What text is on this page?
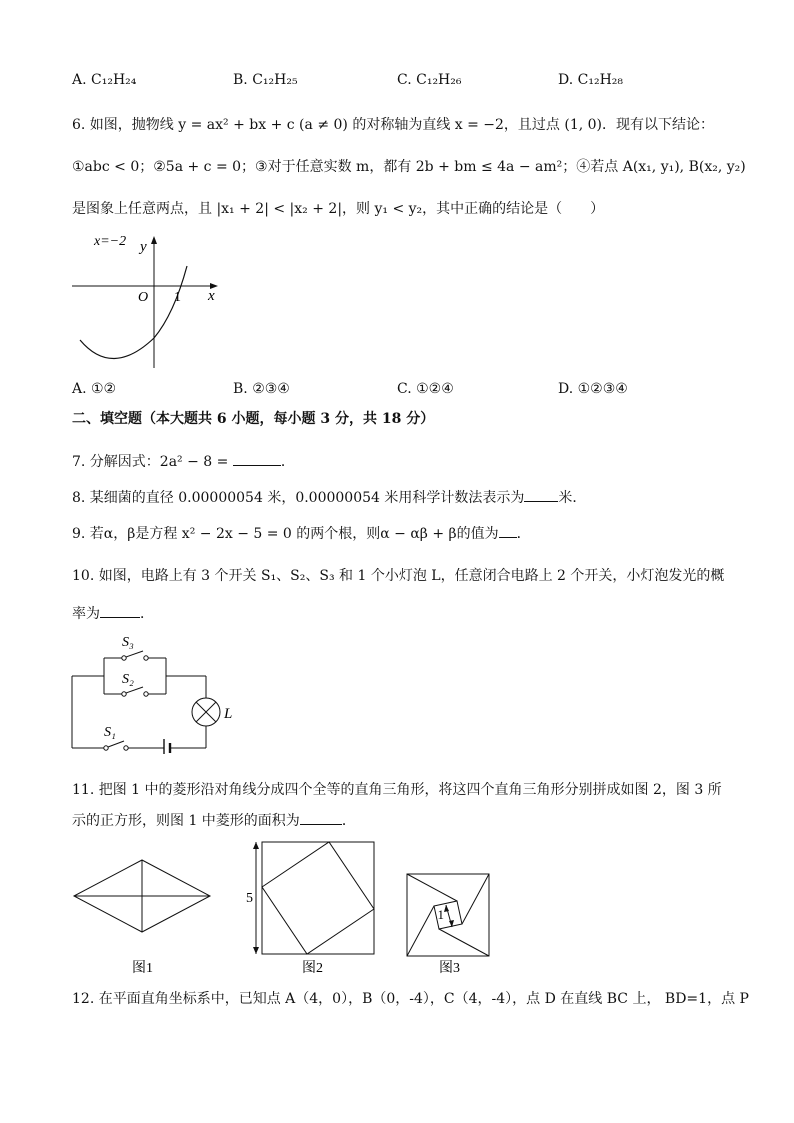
A. C₁₂H₂₄	B. C₁₂H₂₅	C. C₁₂H₂₆	D. C₁₂H₂₈
6. 如图，抛物线 y = ax² + bx + c (a ≠ 0) 的对称轴为直线 x = −2，且过点 (1, 0)．现有以下结论：
①abc < 0；②5a + c = 0；③对于任意实数 m，都有 2b + bm ≤ 4a − am²；④若点 A(x₁, y₁), B(x₂, y₂)
是图象上任意两点，且 |x₁ + 2| < |x₂ + 2|，则 y₁ < y₂，其中正确的结论是（　　）
x=−2 y
x
O 1
A. ①②	B. ②③④	C. ①②④	D. ①②③④
二、填空题（本大题共 6 小题，每小题 3 分，共 18 分）
7. 分解因式：2a² − 8 =	．
8. 某细菌的直径 0.00000054 米，0.00000054 米用科学计数法表示为 米．
9. 若α，β是方程 x² − 2x − 5 = 0 的两个根，则α − αβ + β的值为 ．
10. 如图，电路上有 3 个开关 S₁、S₂、S₃ 和 1 个小灯泡 L，任意闭合电路上 2 个开关，小灯泡发光的概
率为	．
S₃
S₂
S₁
L
11. 把图 1 中的菱形沿对角线分成四个全等的直角三角形，将这四个直角三角形分别拼成如图 2，图 3 所
示的正方形，则图 1 中菱形的面积为	．
5
1
图1	图2	图3
12. 在平面直角坐标系中，已知点 A（4，0），B（0，-4），C（4，-4），点 D 在直线 BC 上， BD=1，点 P
